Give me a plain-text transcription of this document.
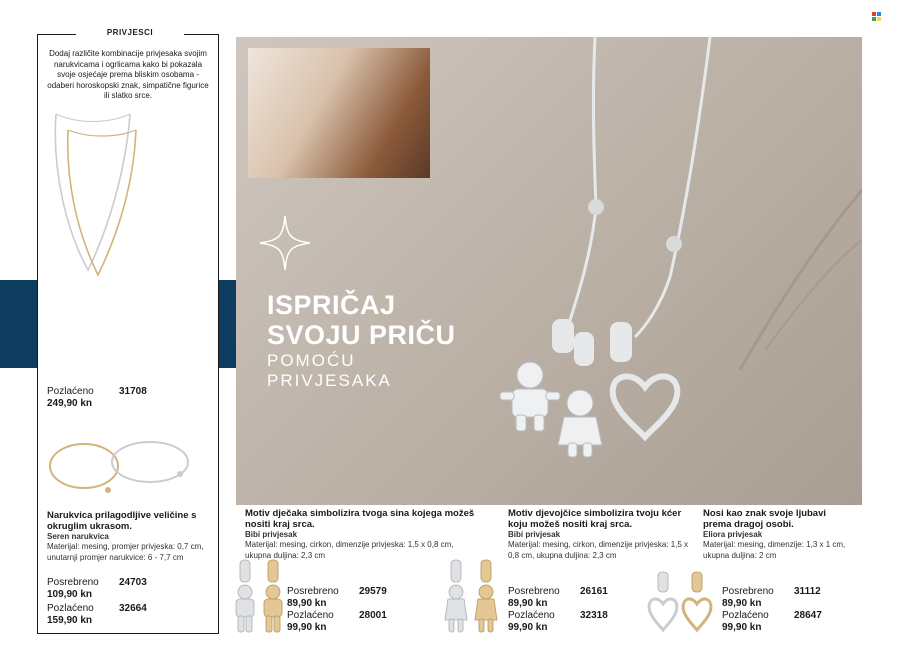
PRIVJESCI
Dodaj različite kombinacije privjesaka svojim narukvicama i ogrlicama kako bi pokazala svoje osjećaje prema bliskim osobama - odaberi horoskopski znak, simpatične figurice ili slatko srce.
Ogrlicu možeš nositi kao kratku ili dugu zahvaljujući posebnoj kliznoj kopči.
Seren ogrlica
Materijal: mesing, duljina ogrlice: 42 - 82 cm, s 2 okrugla ukrasa na krajevima ogrlice i kliznom kopčom
Posrebreno	30254
199,90 kn
Pozlaćeno	31708
249,90 kn
Narukvica prilagodljive veličine s okruglim ukrasom.
Seren narukvica
Materijal: mesing, promjer privjeska: 0,7 cm, unutarnji promjer narukvice: 6 - 7,7 cm
Posrebreno	24703
109,90 kn
Pozlaćeno	32664
159,90 kn
ISPRIČAJ
SVOJU PRIČU
POMOĆU
PRIVJESAKA
Motiv dječaka simbolizira tvoga sina kojega možeš nositi kraj srca.
Bibi privjesak
Materijal: mesing, cirkon, dimenzije privjeska: 1,5 x 0,8 cm, ukupna duljina: 2,3 cm
Posrebreno	29579
89,90 kn
Pozlaćeno	28001
99,90 kn
Motiv djevojčice simbolizira tvoju kćer koju možeš nositi kraj srca.
Bibi privjesak
Materijal: mesing, cirkon, dimenzije privjeska: 1,5 x 0,8 cm, ukupna duljina: 2,3 cm
Posrebreno	26161
89,90 kn
Pozlaćeno	32318
99,90 kn
Nosi kao znak svoje ljubavi prema dragoj osobi.
Eliora privjesak
Materijal: mesing, dimenzije: 1,3 x 1 cm, ukupna duljina: 2 cm
Posrebreno	31112
89,90 kn
Pozlaćeno	28647
99,90 kn
